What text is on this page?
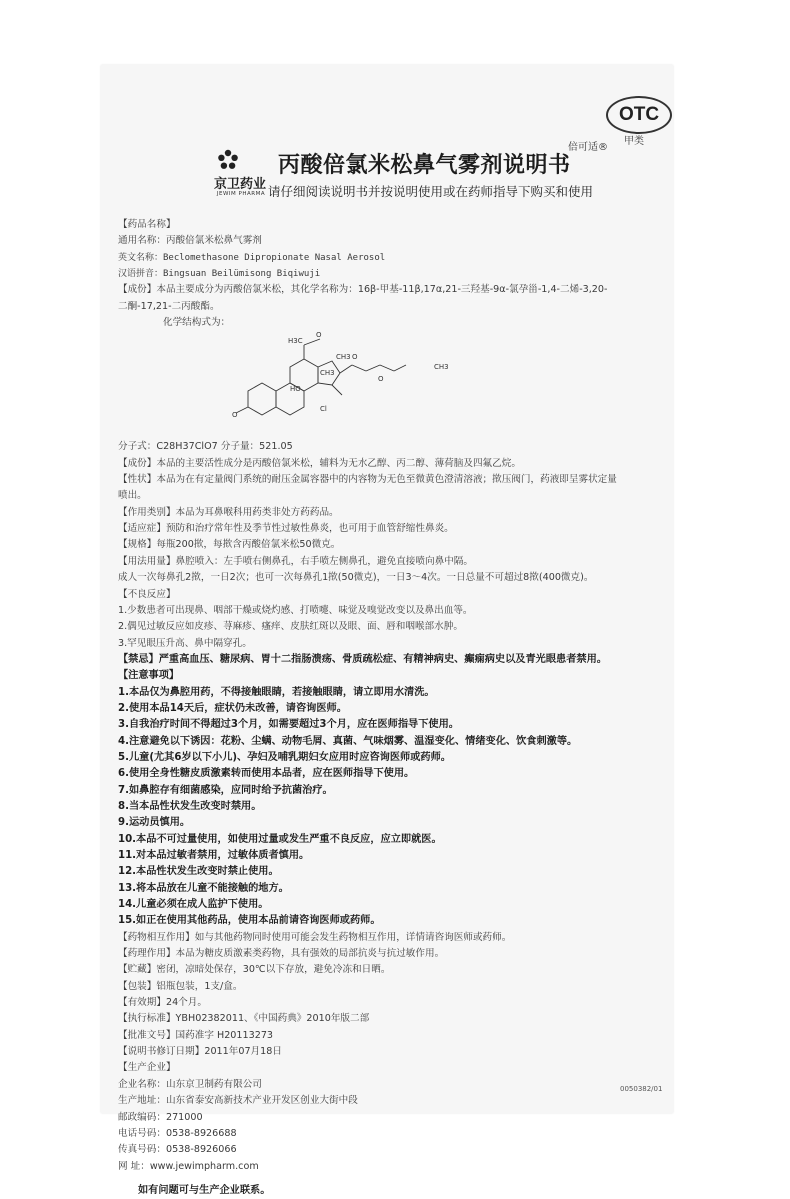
OTC
甲类
京卫药业
JEWIM PHARMA
丙酸倍氯米松鼻气雾剂说明书
倍可适®
请仔细阅读说明书并按说明使用或在药师指导下购买和使用
【药品名称】
通用名称：丙酸倍氯米松鼻气雾剂
英文名称：Beclomethasone Dipropionate Nasal Aerosol
汉语拼音：Bingsuan Beilümisong Biqiwuji
【成份】本品主要成分为丙酸倍氯米松，其化学名称为：16β-甲基-11β,17α,21-三羟基-9α-氯孕甾-1,4-二烯-3,20-
二酮-17,21-二丙酸酯。
化学结构式为：
H3C
O
HO
CH3
CH3
Cl
O
O
CH3
O
分子式：C28H37ClO7 分子量：521.05
【成份】本品的主要活性成分是丙酸倍氯米松，辅料为无水乙醇、丙二醇、薄荷脑及四氟乙烷。
【性状】本品为在有定量阀门系统的耐压金属容器中的内容物为无色至微黄色澄清溶液；揿压阀门，药液即呈雾状定量
喷出。
【作用类别】本品为耳鼻喉科用药类非处方药药品。
【适应症】预防和治疗常年性及季节性过敏性鼻炎，也可用于血管舒缩性鼻炎。
【规格】每瓶200揿，每揿含丙酸倍氯米松50微克。
【用法用量】鼻腔喷入：左手喷右侧鼻孔，右手喷左侧鼻孔，避免直接喷向鼻中隔。
成人一次每鼻孔2揿，一日2次；也可一次每鼻孔1揿(50微克)，一日3～4次。一日总量不可超过8揿(400微克)。
【不良反应】
1.少数患者可出现鼻、咽部干燥或烧灼感、打喷嚏、味觉及嗅觉改变以及鼻出血等。
2.偶见过敏反应如皮疹、荨麻疹、瘙痒、皮肤红斑以及眼、面、唇和咽喉部水肿。
3.罕见眼压升高、鼻中隔穿孔。
【禁忌】严重高血压、糖尿病、胃十二指肠溃疡、骨质疏松症、有精神病史、癫痫病史以及青光眼患者禁用。
【注意事项】
1.本品仅为鼻腔用药，不得接触眼睛，若接触眼睛，请立即用水清洗。
2.使用本品14天后，症状仍未改善，请咨询医师。
3.自我治疗时间不得超过3个月，如需要超过3个月，应在医师指导下使用。
4.注意避免以下诱因：花粉、尘螨、动物毛屑、真菌、气味烟雾、温湿变化、情绪变化、饮食刺激等。
5.儿童(尤其6岁以下小儿)、孕妇及哺乳期妇女应用时应咨询医师或药师。
6.使用全身性糖皮质激素转而使用本品者，应在医师指导下使用。
7.如鼻腔存有细菌感染，应同时给予抗菌治疗。
8.当本品性状发生改变时禁用。
9.运动员慎用。
10.本品不可过量使用，如使用过量或发生严重不良反应，应立即就医。
11.对本品过敏者禁用，过敏体质者慎用。
12.本品性状发生改变时禁止使用。
13.将本品放在儿童不能接触的地方。
14.儿童必须在成人监护下使用。
15.如正在使用其他药品，使用本品前请咨询医师或药师。
【药物相互作用】如与其他药物同时使用可能会发生药物相互作用，详情请咨询医师或药师。
【药理作用】本品为糖皮质激素类药物，具有强效的局部抗炎与抗过敏作用。
【贮藏】密闭，凉暗处保存，30℃以下存放，避免冷冻和日晒。
【包装】铝瓶包装，1支/盒。
【有效期】24个月。
【执行标准】YBH02382011、《中国药典》2010年版二部
【批准文号】国药准字 H20113273
【说明书修订日期】2011年07月18日
【生产企业】
企业名称：山东京卫制药有限公司
生产地址：山东省泰安高新技术产业开发区创业大街中段
邮政编码：271000
电话号码：0538-8926688
传真号码：0538-8926066
网 址：www.jewimpharm.com
如有问题可与生产企业联系。
0050382/01
